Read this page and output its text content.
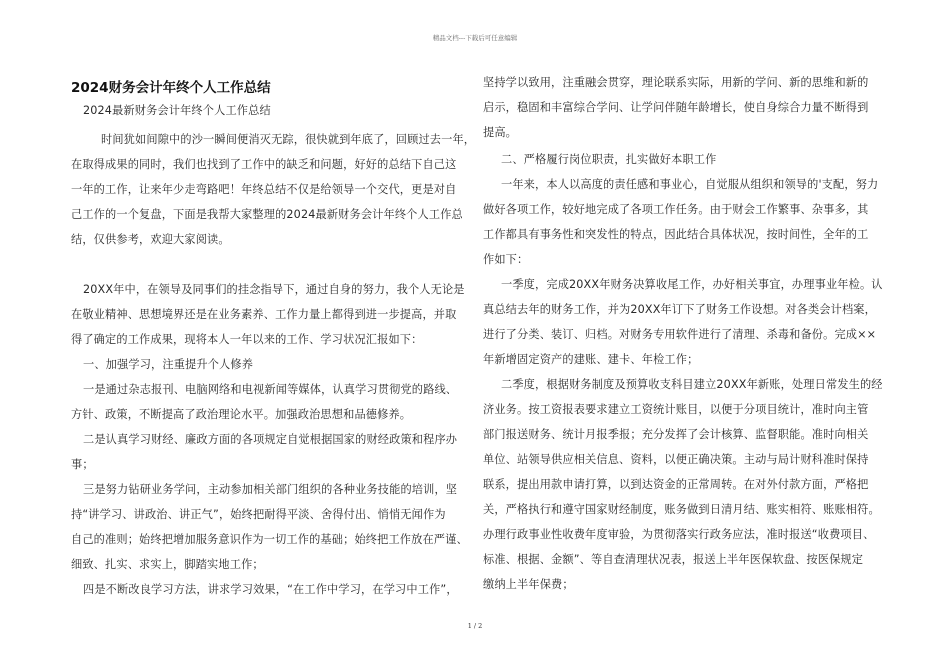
精品文档---下载后可任意编辑
2024财务会计年终个人工作总结
2024最新财务会计年终个人工作总结
时间犹如间隙中的沙一瞬间便消灭无踪，很快就到年底了，回顾过去一年，
在取得成果的同时，我们也找到了工作中的缺乏和问题，好好的总结下自己这
一年的工作，让来年少走弯路吧！年终总结不仅是给领导一个交代，更是对自
己工作的一个复盘，下面是我帮大家整理的2024最新财务会计年终个人工作总
结，仅供参考，欢迎大家阅读。
20XX年中，在领导及同事们的挂念指导下，通过自身的努力，我个人无论是
在敬业精神、思想境界还是在业务素养、工作力量上都得到进一步提高，并取
得了确定的工作成果，现将本人一年以来的工作、学习状况汇报如下：
一、加强学习，注重提升个人修养
一是通过杂志报刊、电脑网络和电视新闻等媒体，认真学习贯彻党的路线、
方针、政策，不断提高了政治理论水平。加强政治思想和品德修养。
二是认真学习财经、廉政方面的各项规定自觉根据国家的财经政策和程序办
事；
三是努力钻研业务学问，主动参加相关部门组织的各种业务技能的培训，坚
持“讲学习、讲政治、讲正气”，始终把耐得平淡、舍得付出、悄悄无闻作为
自己的准则；始终把增加服务意识作为一切工作的基础；始终把工作放在严谨、
细致、扎实、求实上，脚踏实地工作；
四是不断改良学习方法，讲求学习效果，“在工作中学习，在学习中工作”，
坚持学以致用，注重融会贯穿，理论联系实际，用新的学问、新的思维和新的
启示，稳固和丰富综合学问、让学问伴随年龄增长，使自身综合力量不断得到
提高。
二、严格履行岗位职责，扎实做好本职工作
一年来，本人以高度的责任感和事业心，自觉服从组织和领导的'支配，努力
做好各项工作，较好地完成了各项工作任务。由于财会工作繁事、杂事多，其
工作都具有事务性和突发性的特点，因此结合具体状况，按时间性，全年的工
作如下：
一季度，完成20XX年财务决算收尾工作，办好相关事宜，办理事业年检。认
真总结去年的财务工作，并为20XX年订下了财务工作设想。对各类会计档案，
进行了分类、装订、归档。对财务专用软件进行了清理、杀毒和备份。完成××
年新增固定资产的建账、建卡、年检工作；
二季度，根据财务制度及预算收支科目建立20XX年新账，处理日常发生的经
济业务。按工资报表要求建立工资统计账目，以便于分项目统计，准时向主管
部门报送财务、统计月报季报；充分发挥了会计核算、监督职能。准时向相关
单位、站领导供应相关信息、资料，以便正确决策。主动与局计财科准时保持
联系，提出用款申请打算，以到达资金的正常周转。在对外付款方面，严格把
关，严格执行和遵守国家财经制度，账务做到日清月结、账实相符、账账相符。
办理行政事业性收费年度审验，为贯彻落实行政务应法，准时报送“收费项目、
标准、根据、金额”、等自查清理状况表，报送上半年医保软盘、按医保规定
缴纳上半年保费；
1 / 2
